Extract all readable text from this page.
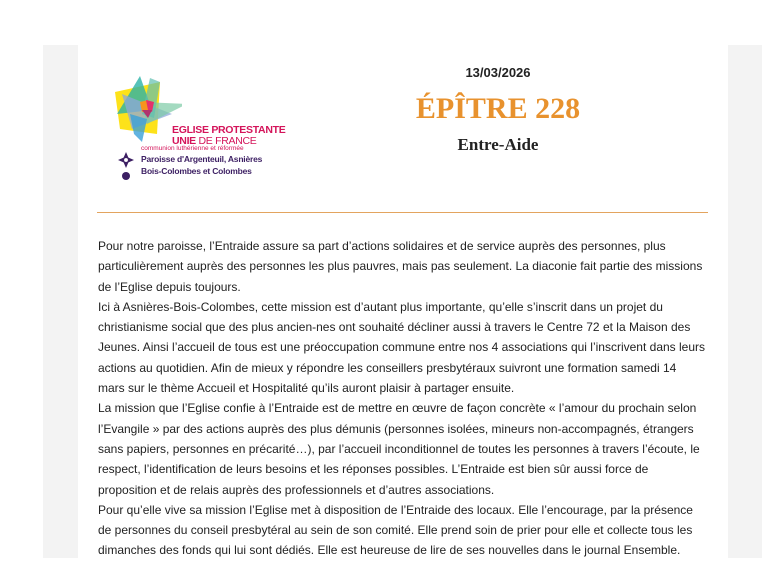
EGLISE PROTESTANTE
UNIE DE FRANCE
communion luthérienne et réformée
Paroisse d'Argenteuil, Asnières
Bois-Colombes et Colombes
13/03/2026
ÉPÎTRE 228
Entre-Aide
Pour notre paroisse, l’Entraide assure sa part d’actions solidaires et de service auprès des personnes, plus
particulièrement auprès des personnes les plus pauvres, mais pas seulement. La diaconie fait partie des missions
de l’Eglise depuis toujours.
Ici à Asnières-Bois-Colombes, cette mission est d’autant plus importante, qu’elle s’inscrit dans un projet du
christianisme social que des plus ancien-nes ont souhaité décliner aussi à travers le Centre 72 et la Maison des
Jeunes. Ainsi l’accueil de tous est une préoccupation commune entre nos 4 associations qui l’inscrivent dans leurs
actions au quotidien. Afin de mieux y répondre les conseillers presbytéraux suivront une formation samedi 14
mars sur le thème Accueil et Hospitalité qu’ils auront plaisir à partager ensuite.
La mission que l’Eglise confie à l’Entraide est de mettre en œuvre de façon concrète « l’amour du prochain selon
l’Evangile » par des actions auprès des plus démunis (personnes isolées, mineurs non-accompagnés, étrangers
sans papiers, personnes en précarité…), par l’accueil inconditionnel de toutes les personnes à travers l’écoute, le
respect, l’identification de leurs besoins et les réponses possibles. L’Entraide est bien sûr aussi force de
proposition et de relais auprès des professionnels et d’autres associations.
Pour qu’elle vive sa mission l’Eglise met à disposition de l’Entraide des locaux. Elle l’encourage, par la présence
de personnes du conseil presbytéral au sein de son comité. Elle prend soin de prier pour elle et collecte tous les
dimanches des fonds qui lui sont dédiés. Elle est heureuse de lire de ses nouvelles dans le journal Ensemble.
